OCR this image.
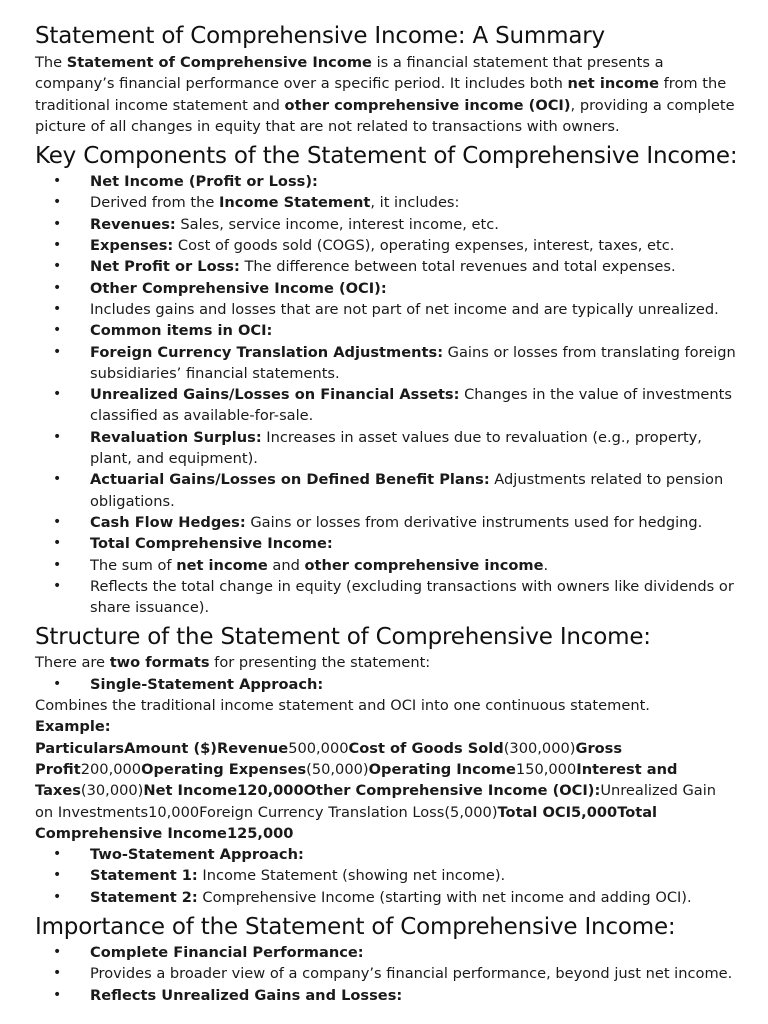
Statement of Comprehensive Income: A Summary

The Statement of Comprehensive Income is a financial statement that presents a company’s financial performance over a specific period. It includes both net income from the traditional income statement and other comprehensive income (OCI), providing a complete picture of all changes in equity that are not related to transactions with owners.

Key Components of the Statement of Comprehensive Income:
• Net Income (Profit or Loss):
• Derived from the Income Statement, it includes:
• Revenues: Sales, service income, interest income, etc.
• Expenses: Cost of goods sold (COGS), operating expenses, interest, taxes, etc.
• Net Profit or Loss: The difference between total revenues and total expenses.
• Other Comprehensive Income (OCI):
• Includes gains and losses that are not part of net income and are typically unrealized.
• Common items in OCI:
• Foreign Currency Translation Adjustments: Gains or losses from translating foreign subsidiaries’ financial statements.
• Unrealized Gains/Losses on Financial Assets: Changes in the value of investments classified as available-for-sale.
• Revaluation Surplus: Increases in asset values due to revaluation (e.g., property, plant, and equipment).
• Actuarial Gains/Losses on Defined Benefit Plans: Adjustments related to pension obligations.
• Cash Flow Hedges: Gains or losses from derivative instruments used for hedging.
• Total Comprehensive Income:
• The sum of net income and other comprehensive income.
• Reflects the total change in equity (excluding transactions with owners like dividends or share issuance).
Structure of the Statement of Comprehensive Income:

There are two formats for presenting the statement:

• Single-Statement Approach:

Combines the traditional income statement and OCI into one continuous statement.

Example:

ParticularsAmount ($)Revenue500,000Cost of Goods Sold(300,000)Gross Profit200,000Operating Expenses(50,000)Operating Income150,000Interest and Taxes(30,000)Net Income120,000Other Comprehensive Income (OCI):Unrealized Gain on Investments10,000Foreign Currency Translation Loss(5,000)Total OCI5,000Total Comprehensive Income125,000

• Two-Statement Approach:
• Statement 1: Income Statement (showing net income).
• Statement 2: Comprehensive Income (starting with net income and adding OCI).
Importance of the Statement of Comprehensive Income:
• Complete Financial Performance:
• Provides a broader view of a company’s financial performance, beyond just net income.
• Reflects Unrealized Gains and Losses:
